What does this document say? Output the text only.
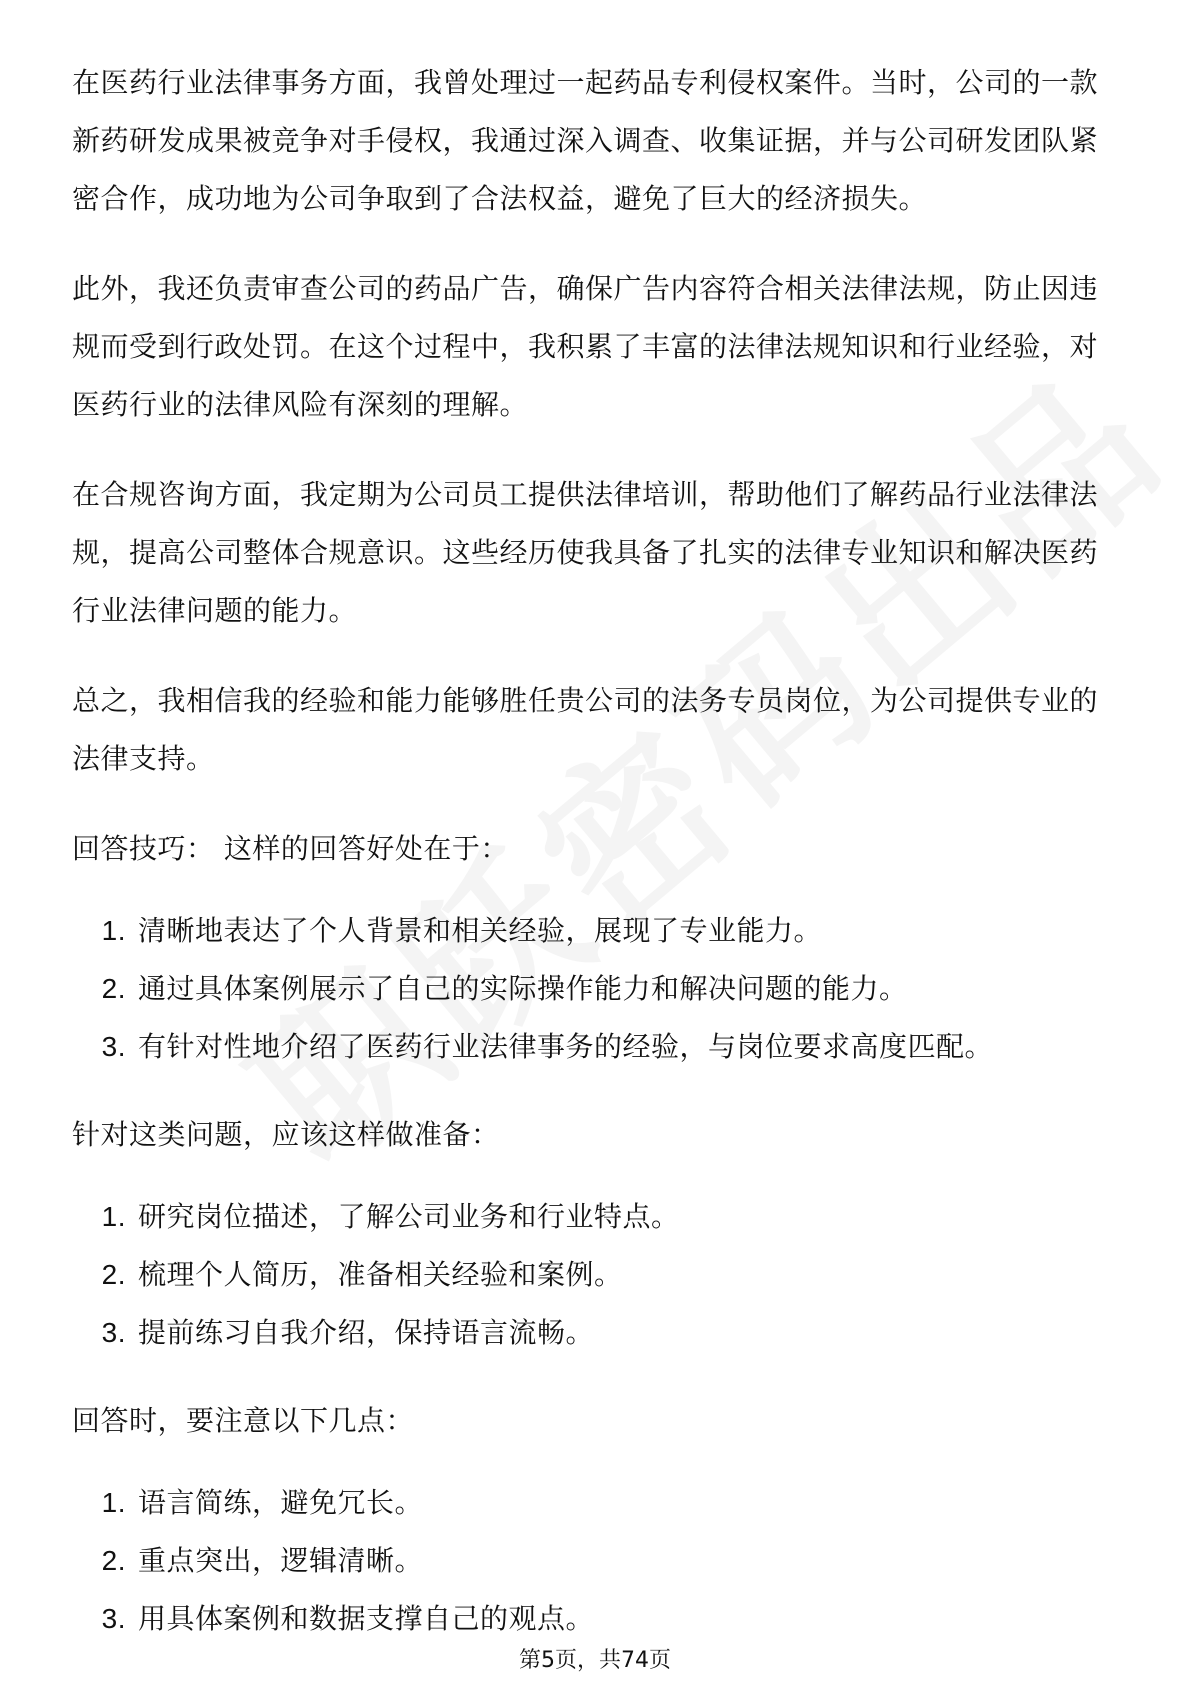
在医药行业法律事务方面，我曾处理过一起药品专利侵权案件。当时，公司的一款新药研发成果被竞争对手侵权，我通过深入调查、收集证据，并与公司研发团队紧密合作，成功地为公司争取到了合法权益，避免了巨大的经济损失。

此外，我还负责审查公司的药品广告，确保广告内容符合相关法律法规，防止因违规而受到行政处罚。在这个过程中，我积累了丰富的法律法规知识和行业经验，对医药行业的法律风险有深刻的理解。

在合规咨询方面，我定期为公司员工提供法律培训，帮助他们了解药品行业法律法规，提高公司整体合规意识。这些经历使我具备了扎实的法律专业知识和解决医药行业法律问题的能力。

总之，我相信我的经验和能力能够胜任贵公司的法务专员岗位，为公司提供专业的法律支持。

回答技巧： 这样的回答好处在于：

1. 清晰地表达了个人背景和相关经验，展现了专业能力。
2. 通过具体案例展示了自己的实际操作能力和解决问题的能力。
3. 有针对性地介绍了医药行业法律事务的经验，与岗位要求高度匹配。

针对这类问题，应该这样做准备：

1. 研究岗位描述，了解公司业务和行业特点。
2. 梳理个人简历，准备相关经验和案例。
3. 提前练习自我介绍，保持语言流畅。

回答时，要注意以下几点：

1. 语言简练，避免冗长。
2. 重点突出，逻辑清晰。
3. 用具体案例和数据支撑自己的观点。
第5页，共74页
